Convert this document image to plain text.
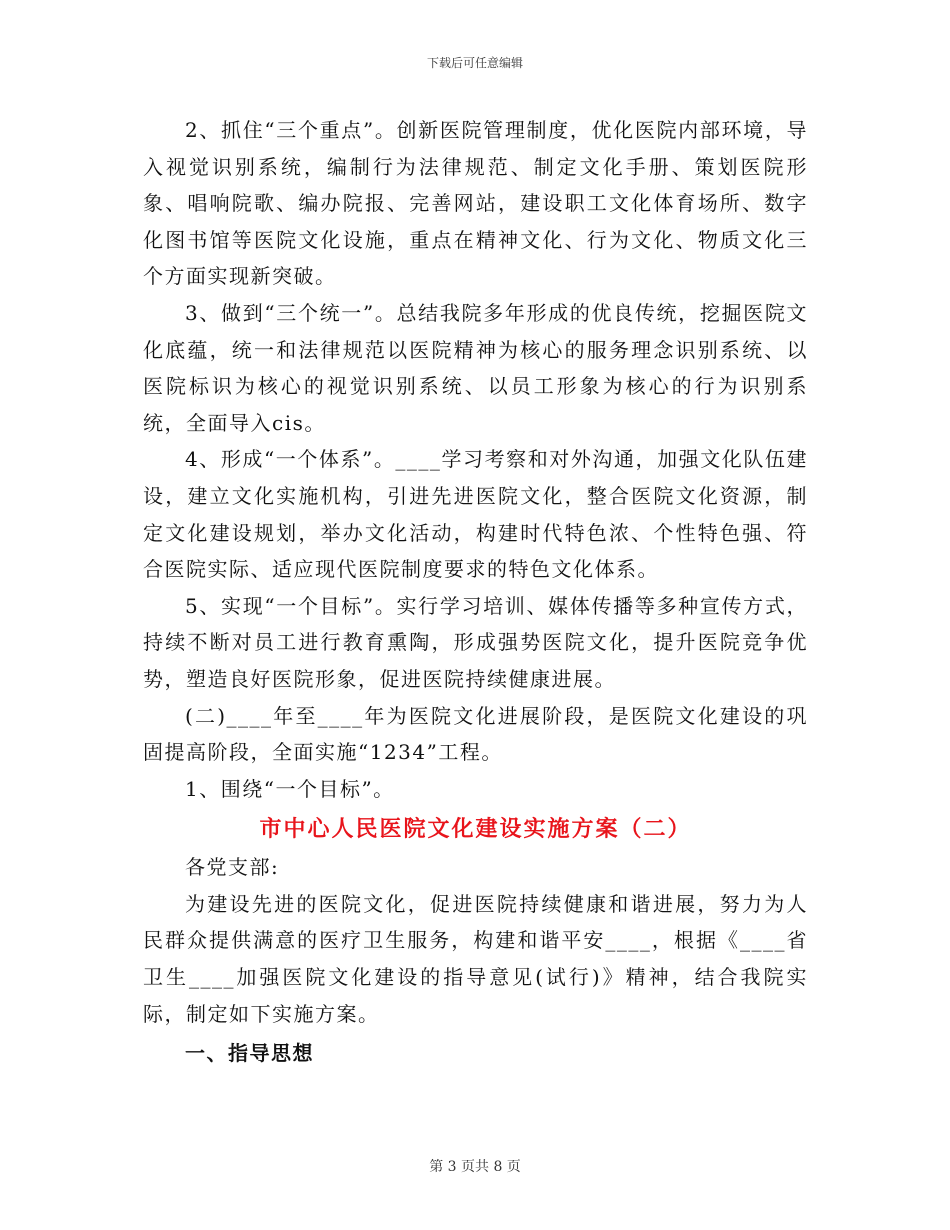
下载后可任意编辑

2、抓住“三个重点”。创新医院管理制度，优化医院内部环境，导入视觉识别系统，编制行为法律规范、制定文化手册、策划医院形象、唱响院歌、编办院报、完善网站，建设职工文化体育场所、数字化图书馆等医院文化设施，重点在精神文化、行为文化、物质文化三个方面实现新突破。

3、做到“三个统一”。总结我院多年形成的优良传统，挖掘医院文化底蕴，统一和法律规范以医院精神为核心的服务理念识别系统、以医院标识为核心的视觉识别系统、以员工形象为核心的行为识别系统，全面导入cis。

4、形成“一个体系”。____学习考察和对外沟通，加强文化队伍建设，建立文化实施机构，引进先进医院文化，整合医院文化资源，制定文化建设规划，举办文化活动，构建时代特色浓、个性特色强、符合医院实际、适应现代医院制度要求的特色文化体系。

5、实现“一个目标”。实行学习培训、媒体传播等多种宣传方式，持续不断对员工进行教育熏陶，形成强势医院文化，提升医院竞争优势，塑造良好医院形象，促进医院持续健康进展。

(二)____年至____年为医院文化进展阶段，是医院文化建设的巩固提高阶段，全面实施“1234”工程。

1、围绕“一个目标”。

市中心人民医院文化建设实施方案（二）

各党支部:

为建设先进的医院文化，促进医院持续健康和谐进展，努力为人民群众提供满意的医疗卫生服务，构建和谐平安____，根据《____省卫生____加强医院文化建设的指导意见(试行)》精神，结合我院实际，制定如下实施方案。

一、指导思想
第 3 页共 8 页
